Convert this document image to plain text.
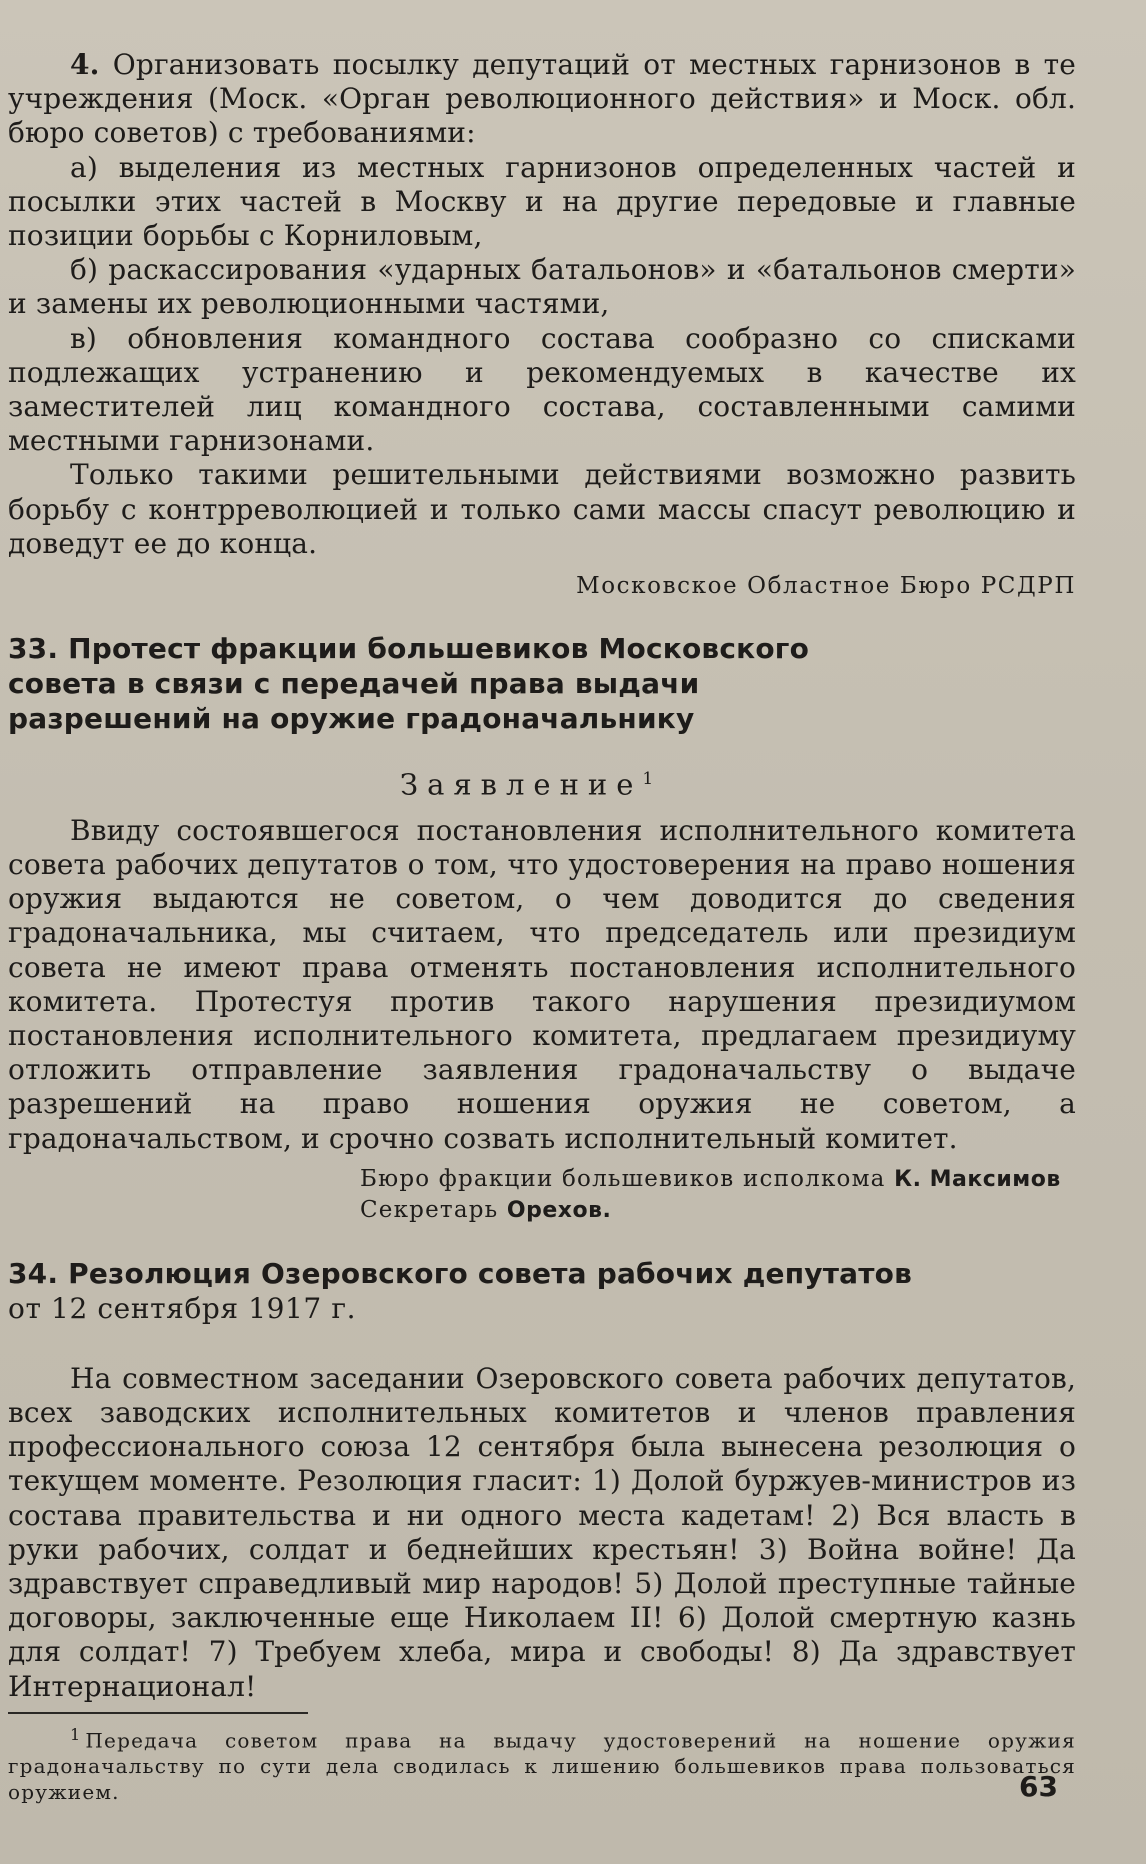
4. Организовать посылку депутаций от местных гарнизонов в те учреждения (Моск. «Орган революционного действия» и Моск. обл. бюро советов) с требованиями:

а) выделения из местных гарнизонов определенных частей и посылки этих частей в Москву и на другие передовые и главные позиции борьбы с Корниловым,

б) раскассирования «ударных батальонов» и «батальонов смерти» и замены их революционными частями,

в) обновления командного состава сообразно со списками подлежащих устранению и рекомендуемых в качестве их заместителей лиц командного состава, составленными самими местными гарнизонами.

Только такими решительными действиями возможно развить борьбу с контрреволюцией и только сами массы спасут революцию и доведут ее до конца.

Московское Областное Бюро РСДРП

33. Протест фракции большевиков Московского совета в связи с передачей права выдачи разрешений на оружие градоначальнику
Заявление$^1$

Ввиду состоявшегося постановления исполнительного комитета совета рабочих депутатов о том, что удостоверения на право ношения оружия выдаются не советом, о чем доводится до сведения градоначальника, мы считаем, что председатель или президиум совета не имеют права отменять постановления исполнительного комитета. Протестуя против такого нарушения президиумом постановления исполнительного комитета, предлагаем президиуму отложить отправление заявления градоначальству о выдаче разрешений на право ношения оружия не советом, а градоначальством, и срочно созвать исполнительный комитет.

Бюро фракции большевиков исполкома К. Максимов
Секретарь Орехов.
34. Резолюция Озеровского совета рабочих депутатов
от 12 сентября 1917 г.

На совместном заседании Озеровского совета рабочих депутатов, всех заводских исполнительных комитетов и членов правления профессионального союза 12 сентября была вынесена резолюция о текущем моменте. Резолюция гласит: 1) Долой буржуев-министров из состава правительства и ни одного места кадетам! 2) Вся власть в руки рабочих, солдат и беднейших крестьян! 3) Война войне! Да здравствует справедливый мир народов! 5) Долой преступные тайные договоры, заключенные еще Николаем II! 6) Долой смертную казнь для солдат! 7) Требуем хлеба, мира и свободы! 8) Да здравствует Интернационал!

$^1$ Передача советом права на выдачу удостоверений на ношение оружия градоначальству по сути дела сводилась к лишению большевиков права пользоваться оружием.	63
